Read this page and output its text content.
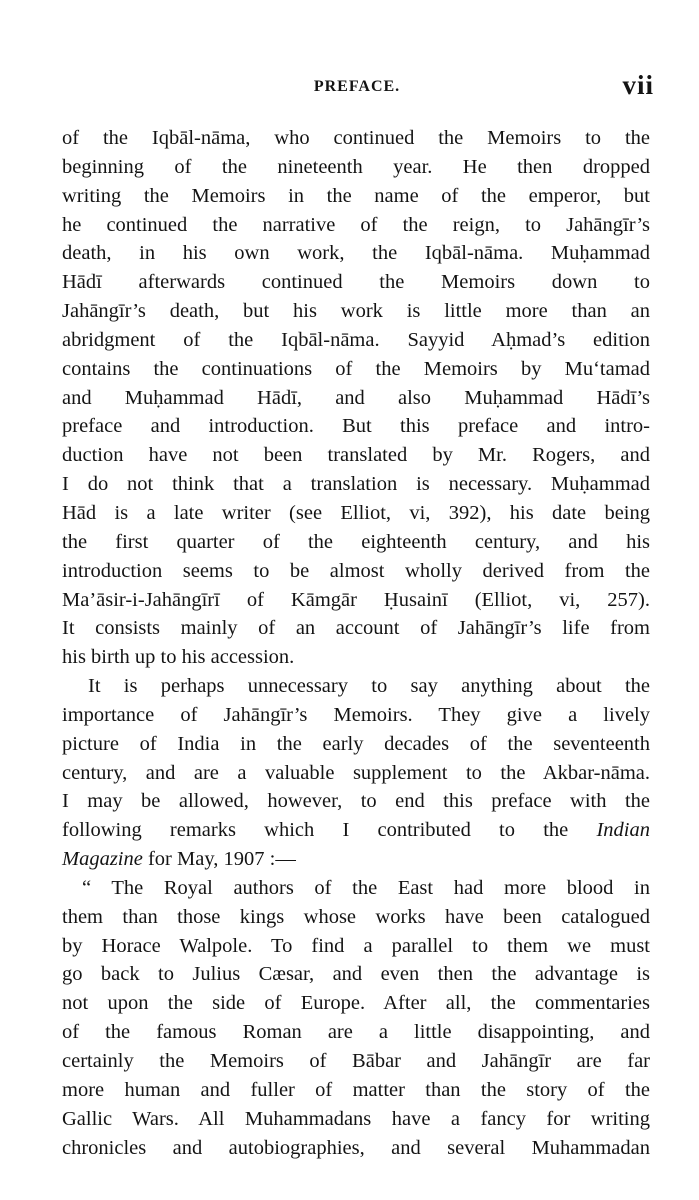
PREFACE.	vii
of the Iqbāl-nāma, who continued the Memoirs to the
beginning of the nineteenth year. He then dropped
writing the Memoirs in the name of the emperor, but
he continued the narrative of the reign, to Jahāngīr’s
death, in his own work, the Iqbāl-nāma. Muḥammad
Hādī afterwards continued the Memoirs down to
Jahāngīr’s death, but his work is little more than an
abridgment of the Iqbāl-nāma. Sayyid Aḥmad’s edition
contains the continuations of the Memoirs by Mu‘tamad
and Muḥammad Hādī, and also Muḥammad Hādī’s
preface and introduction. But this preface and intro-
duction have not been translated by Mr. Rogers, and
I do not think that a translation is necessary. Muḥammad
Hād is a late writer (see Elliot, vi, 392), his date being
the first quarter of the eighteenth century, and his
introduction seems to be almost wholly derived from the
Ma’āsir-i-Jahāngīrī of Kāmgār Ḥusainī (Elliot, vi, 257).
It consists mainly of an account of Jahāngīr’s life from
his birth up to his accession.
It is perhaps unnecessary to say anything about the
importance of Jahāngīr’s Memoirs. They give a lively
picture of India in the early decades of the seventeenth
century, and are a valuable supplement to the Akbar-nāma.
I may be allowed, however, to end this preface with the
following remarks which I contributed to the Indian
Magazine for May, 1907 :—
“ The Royal authors of the East had more blood in
them than those kings whose works have been catalogued
by Horace Walpole. To find a parallel to them we must
go back to Julius Cæsar, and even then the advantage is
not upon the side of Europe. After all, the commentaries
of the famous Roman are a little disappointing, and
certainly the Memoirs of Bābar and Jahāngīr are far
more human and fuller of matter than the story of the
Gallic Wars. All Muhammadans have a fancy for writing
chronicles and autobiographies, and several Muhammadan
